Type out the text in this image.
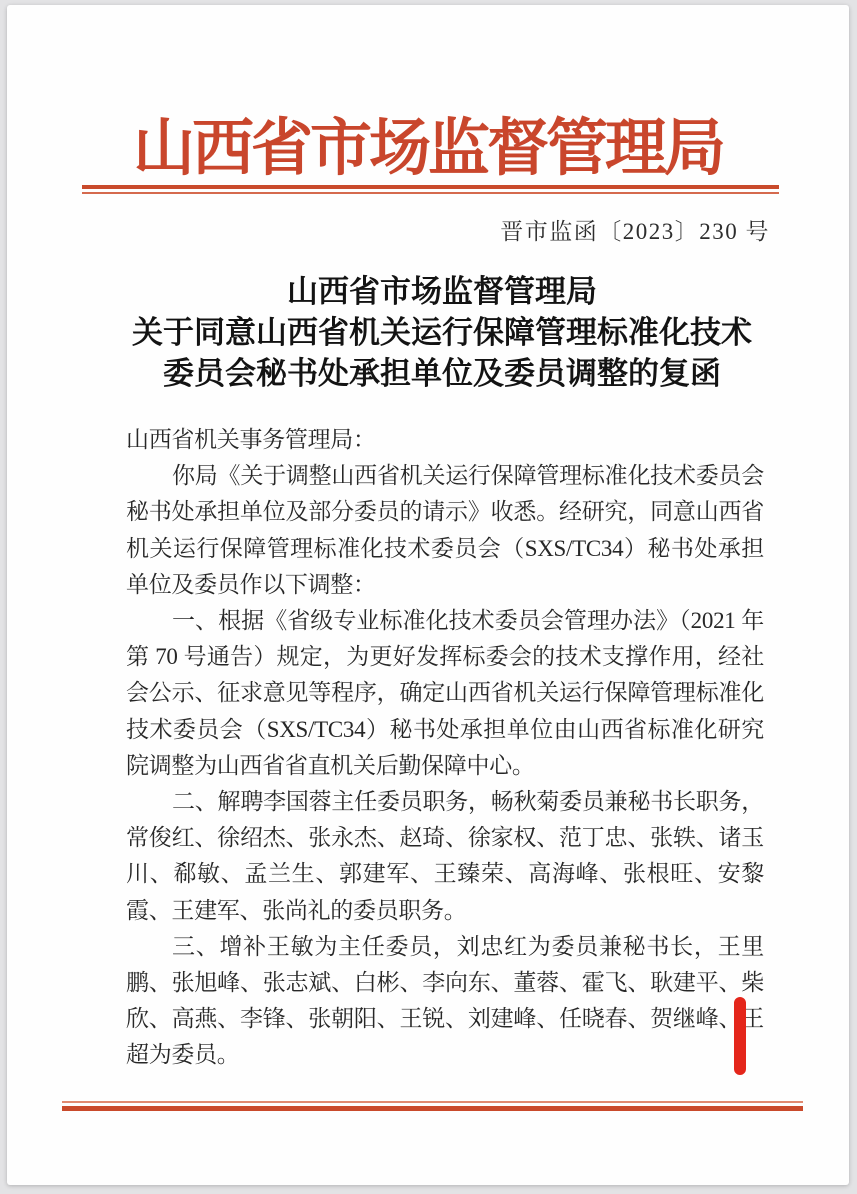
山西省市场监督管理局
晋市监函〔2023〕230 号
山西省市场监督管理局
关于同意山西省机关运行保障管理标准化技术
委员会秘书处承担单位及委员调整的复函

山西省机关事务管理局：

你局《关于调整山西省机关运行保障管理标准化技术委员会秘书处承担单位及部分委员的请示》收悉。经研究，同意山西省机关运行保障管理标准化技术委员会（SXS/TC34）秘书处承担单位及委员作以下调整：

一、根据《省级专业标准化技术委员会管理办法》（2021 年第 70 号通告）规定，为更好发挥标委会的技术支撑作用，经社会公示、征求意见等程序，确定山西省机关运行保障管理标准化技术委员会（SXS/TC34）秘书处承担单位由山西省标准化研究院调整为山西省省直机关后勤保障中心。

二、解聘李国蓉主任委员职务，畅秋菊委员兼秘书长职务，常俊红、徐绍杰、张永杰、赵琦、徐家权、范丁忠、张轶、诸玉川、郗敏、孟兰生、郭建军、王臻荣、高海峰、张根旺、安黎霞、王建军、张尚礼的委员职务。

三、增补王敏为主任委员，刘忠红为委员兼秘书长，王里鹏、张旭峰、张志斌、白彬、李向东、董蓉、霍飞、耿建平、柴欣、高燕、李锋、张朝阳、王锐、刘建峰、任晓春、贺继峰、王超为委员。
